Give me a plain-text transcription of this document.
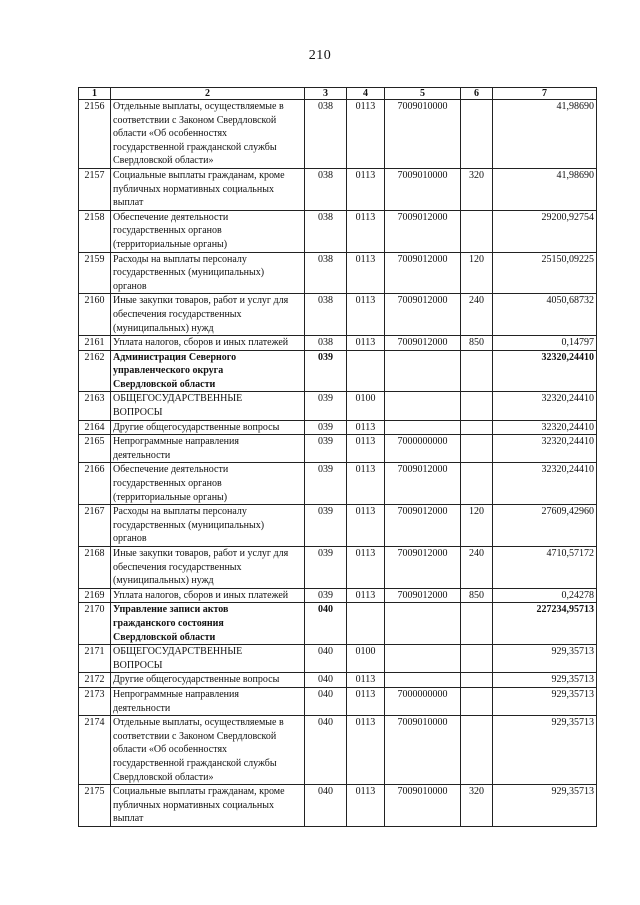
210
1	2	3	4	5	6	7
2156	Отдельные выплаты, осуществляемые в
соответствии с Законом Свердловской
области «Об особенностях
государственной гражданской службы
Свердловской области»	038	0113	7009010000		41,98690
2157	Социальные выплаты гражданам, кроме
публичных нормативных социальных
выплат	038	0113	7009010000	320	41,98690
2158	Обеспечение деятельности
государственных органов
(территориальные органы)	038	0113	7009012000		29200,92754
2159	Расходы на выплаты персоналу
государственных (муниципальных)
органов	038	0113	7009012000	120	25150,09225
2160	Иные закупки товаров, работ и услуг для
обеспечения государственных
(муниципальных) нужд	038	0113	7009012000	240	4050,68732
2161	Уплата налогов, сборов и иных платежей	038	0113	7009012000	850	0,14797
2162	Администрация Северного
управленческого округа
Свердловской области	039				32320,24410
2163	ОБЩЕГОСУДАРСТВЕННЫЕ
ВОПРОСЫ	039	0100			32320,24410
2164	Другие общегосударственные вопросы	039	0113			32320,24410
2165	Непрограммные направления
деятельности	039	0113	7000000000		32320,24410
2166	Обеспечение деятельности
государственных органов
(территориальные органы)	039	0113	7009012000		32320,24410
2167	Расходы на выплаты персоналу
государственных (муниципальных)
органов	039	0113	7009012000	120	27609,42960
2168	Иные закупки товаров, работ и услуг для
обеспечения государственных
(муниципальных) нужд	039	0113	7009012000	240	4710,57172
2169	Уплата налогов, сборов и иных платежей	039	0113	7009012000	850	0,24278
2170	Управление записи актов
гражданского состояния
Свердловской области	040				227234,95713
2171	ОБЩЕГОСУДАРСТВЕННЫЕ
ВОПРОСЫ	040	0100			929,35713
2172	Другие общегосударственные вопросы	040	0113			929,35713
2173	Непрограммные направления
деятельности	040	0113	7000000000		929,35713
2174	Отдельные выплаты, осуществляемые в
соответствии с Законом Свердловской
области «Об особенностях
государственной гражданской службы
Свердловской области»	040	0113	7009010000		929,35713
2175	Социальные выплаты гражданам, кроме
публичных нормативных социальных
выплат	040	0113	7009010000	320	929,35713
